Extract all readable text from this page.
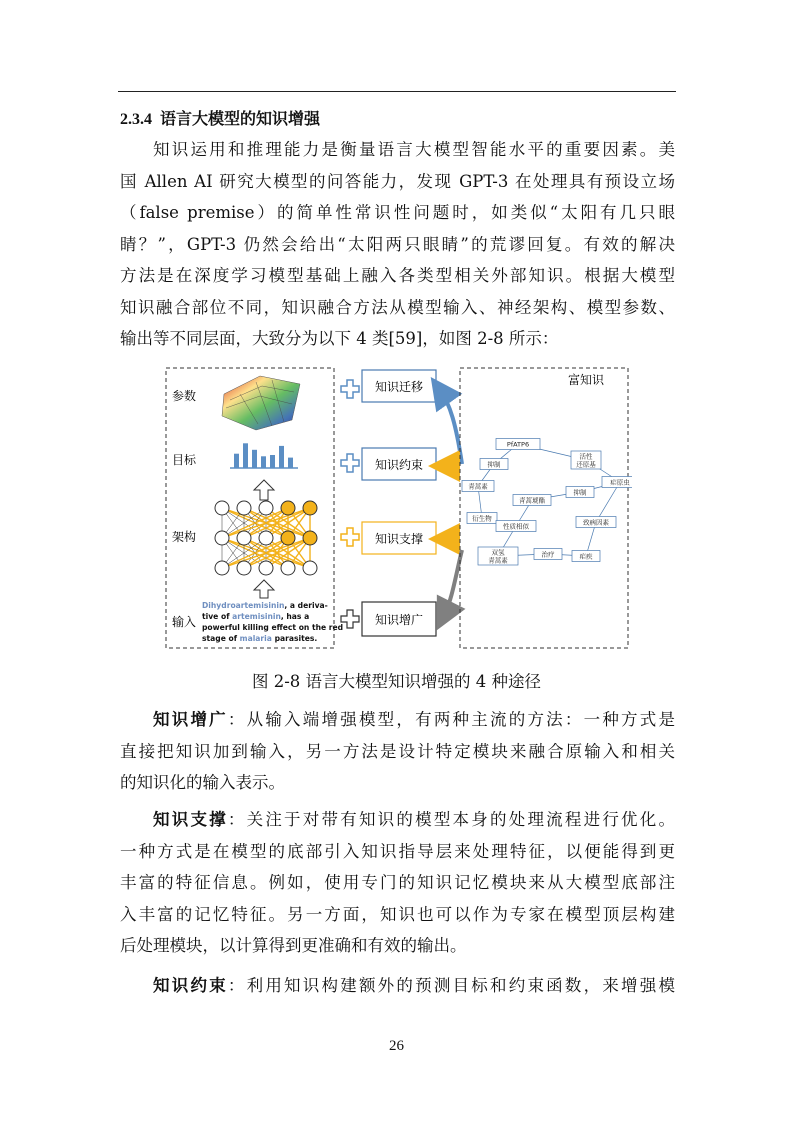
2.3.4 语言大模型的知识增强
知识运用和推理能力是衡量语言大模型智能水平的重要因素。美
国 Allen AI 研究大模型的问答能力，发现 GPT-3 在处理具有预设立场
（false premise）的简单性常识性问题时，如类似“太阳有几只眼
睛？”，GPT-3 仍然会给出“太阳两只眼睛”的荒谬回复。有效的解决
方法是在深度学习模型基础上融入各类型相关外部知识。根据大模型
知识融合部位不同，知识融合方法从模型输入、神经架构、模型参数、
输出等不同层面，大致分为以下 4 类[59]，如图 2-8 所示：
参数
目标
架构
输入
Dihydroartemisinin, a deriva-
tive of artemisinin, has a
powerful killing effect on the red
stage of malaria parasites.
知识迁移
知识约束
知识支撑
知识增广
富知识
PfATP6
抑制
活性
还原基
青蒿素
青蒿琥酯
抑制
疟原虫
衍生物
性质相似	致病因素
双氢
青蒿素
治疗	疟疾
图 2-8 语言大模型知识增强的 4 种途径
知识增广：从输入端增强模型，有两种主流的方法：一种方式是
直接把知识加到输入，另一方法是设计特定模块来融合原输入和相关
的知识化的输入表示。
知识支撑：关注于对带有知识的模型本身的处理流程进行优化。
一种方式是在模型的底部引入知识指导层来处理特征，以便能得到更
丰富的特征信息。例如，使用专门的知识记忆模块来从大模型底部注
入丰富的记忆特征。另一方面，知识也可以作为专家在模型顶层构建
后处理模块，以计算得到更准确和有效的输出。
知识约束：利用知识构建额外的预测目标和约束函数，来增强模
26
